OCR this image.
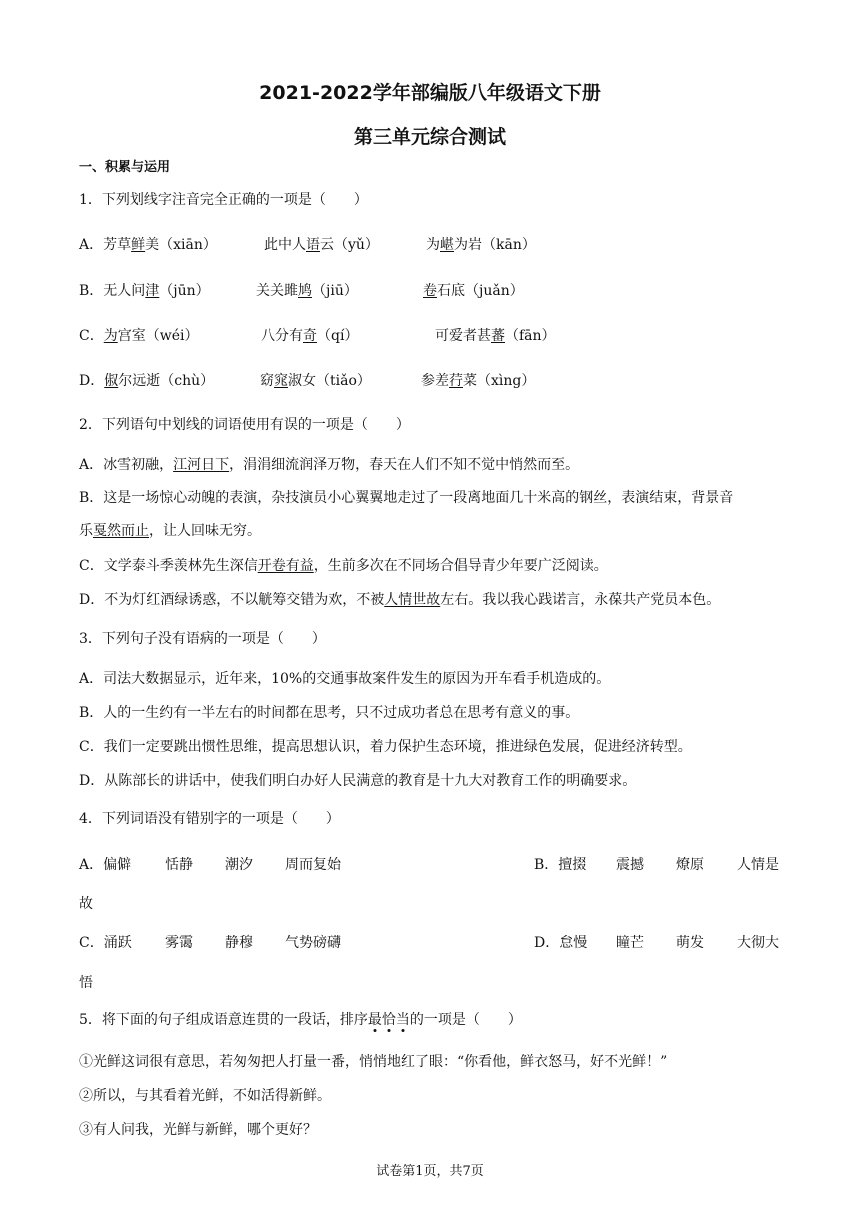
2021-2022学年部编版八年级语文下册
第三单元综合测试
一、积累与运用
1．下列划线字注音完全正确的一项是（　　）
A．芳草鲜美（xiān）	此中人语云（yǔ）	为嵁为岩（kān）
B．无人问津（jūn）	关关雎鸠（jiū）	卷石底（juǎn）
C．为宫室（wéi）	八分有奇（qí）	可爱者甚蕃（fān）
D．俶尔远逝（chù）	窈窕淑女（tiǎo）	参差荇菜（xìng）
2．下列语句中划线的词语使用有误的一项是（　　）
A．冰雪初融，江河日下，涓涓细流润泽万物，春天在人们不知不觉中悄然而至。
B．这是一场惊心动魄的表演，杂技演员小心翼翼地走过了一段离地面几十米高的钢丝，表演结束，背景音
乐戛然而止，让人回味无穷。
C．文学泰斗季羡林先生深信开卷有益，生前多次在不同场合倡导青少年要广泛阅读。
D．不为灯红酒绿诱惑，不以觥筹交错为欢，不被人情世故左右。我以我心践诺言，永葆共产党员本色。
3．下列句子没有语病的一项是（　　）
A．司法大数据显示，近年来，10%的交通事故案件发生的原因为开车看手机造成的。
B．人的一生约有一半左右的时间都在思考，只不过成功者总在思考有意义的事。
C．我们一定要跳出惯性思维，提高思想认识，着力保护生态环境，推进绿色发展，促进经济转型。
D．从陈部长的讲话中，使我们明白办好人民满意的教育是十九大对教育工作的明确要求。
4．下列词语没有错别字的一项是（　　）
A．偏僻 恬静 潮汐 周而复始	B．擅掇 震撼 燎原 人情是
故
C．涌跃 雾霭 静穆 气势磅礴	D．怠慢 瞳芒 萌发 大彻大
悟
5．将下面的句子组成语意连贯的一段话，排序最恰当的一项是（　　）
①光鲜这词很有意思，若匆匆把人打量一番，悄悄地红了眼：“你看他，鲜衣怒马，好不光鲜！”
②所以，与其看着光鲜，不如活得新鲜。
③有人问我，光鲜与新鲜，哪个更好？
试卷第1页，共7页
